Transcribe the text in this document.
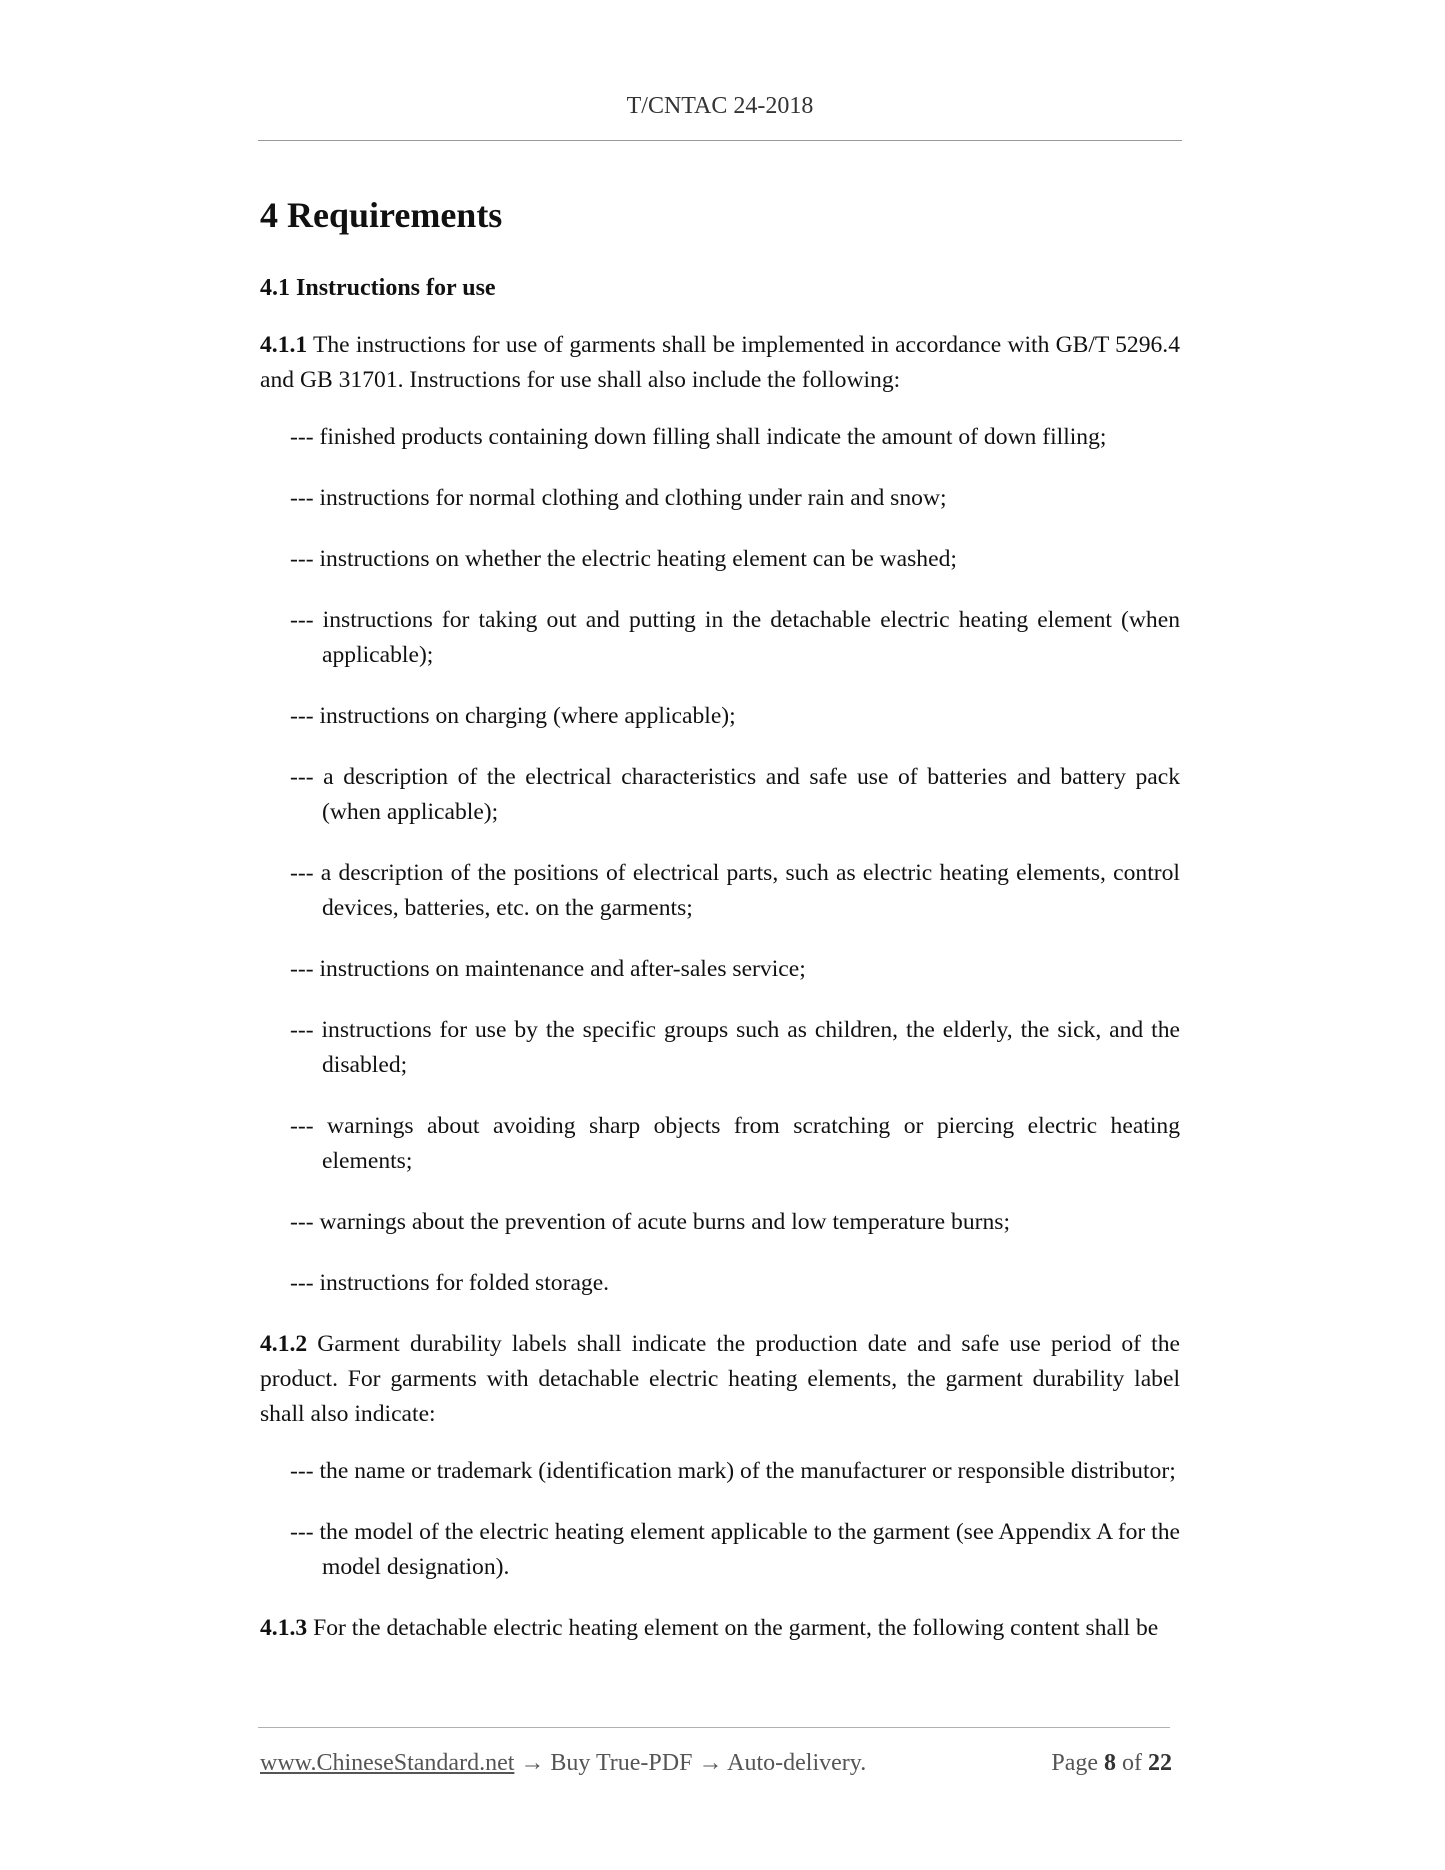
T/CNTAC 24-2018
4 Requirements
4.1 Instructions for use

4.1.1 The instructions for use of garments shall be implemented in accordance with GB/T 5296.4 and GB 31701. Instructions for use shall also include the following:

--- finished products containing down filling shall indicate the amount of down filling;
--- instructions for normal clothing and clothing under rain and snow;
--- instructions on whether the electric heating element can be washed;
--- instructions for taking out and putting in the detachable electric heating element (when applicable);
--- instructions on charging (where applicable);
--- a description of the electrical characteristics and safe use of batteries and battery pack (when applicable);
--- a description of the positions of electrical parts, such as electric heating elements, control devices, batteries, etc. on the garments;
--- instructions on maintenance and after-sales service;
--- instructions for use by the specific groups such as children, the elderly, the sick, and the disabled;
--- warnings about avoiding sharp objects from scratching or piercing electric heating elements;
--- warnings about the prevention of acute burns and low temperature burns;
--- instructions for folded storage.

4.1.2 Garment durability labels shall indicate the production date and safe use period of the product. For garments with detachable electric heating elements, the garment durability label shall also indicate:

--- the name or trademark (identification mark) of the manufacturer or responsible distributor;
--- the model of the electric heating element applicable to the garment (see Appendix A for the model designation).

4.1.3 For the detachable electric heating element on the garment, the following content shall be

www.ChineseStandard.net → Buy True-PDF → Auto-delivery.	Page 8 of 22
